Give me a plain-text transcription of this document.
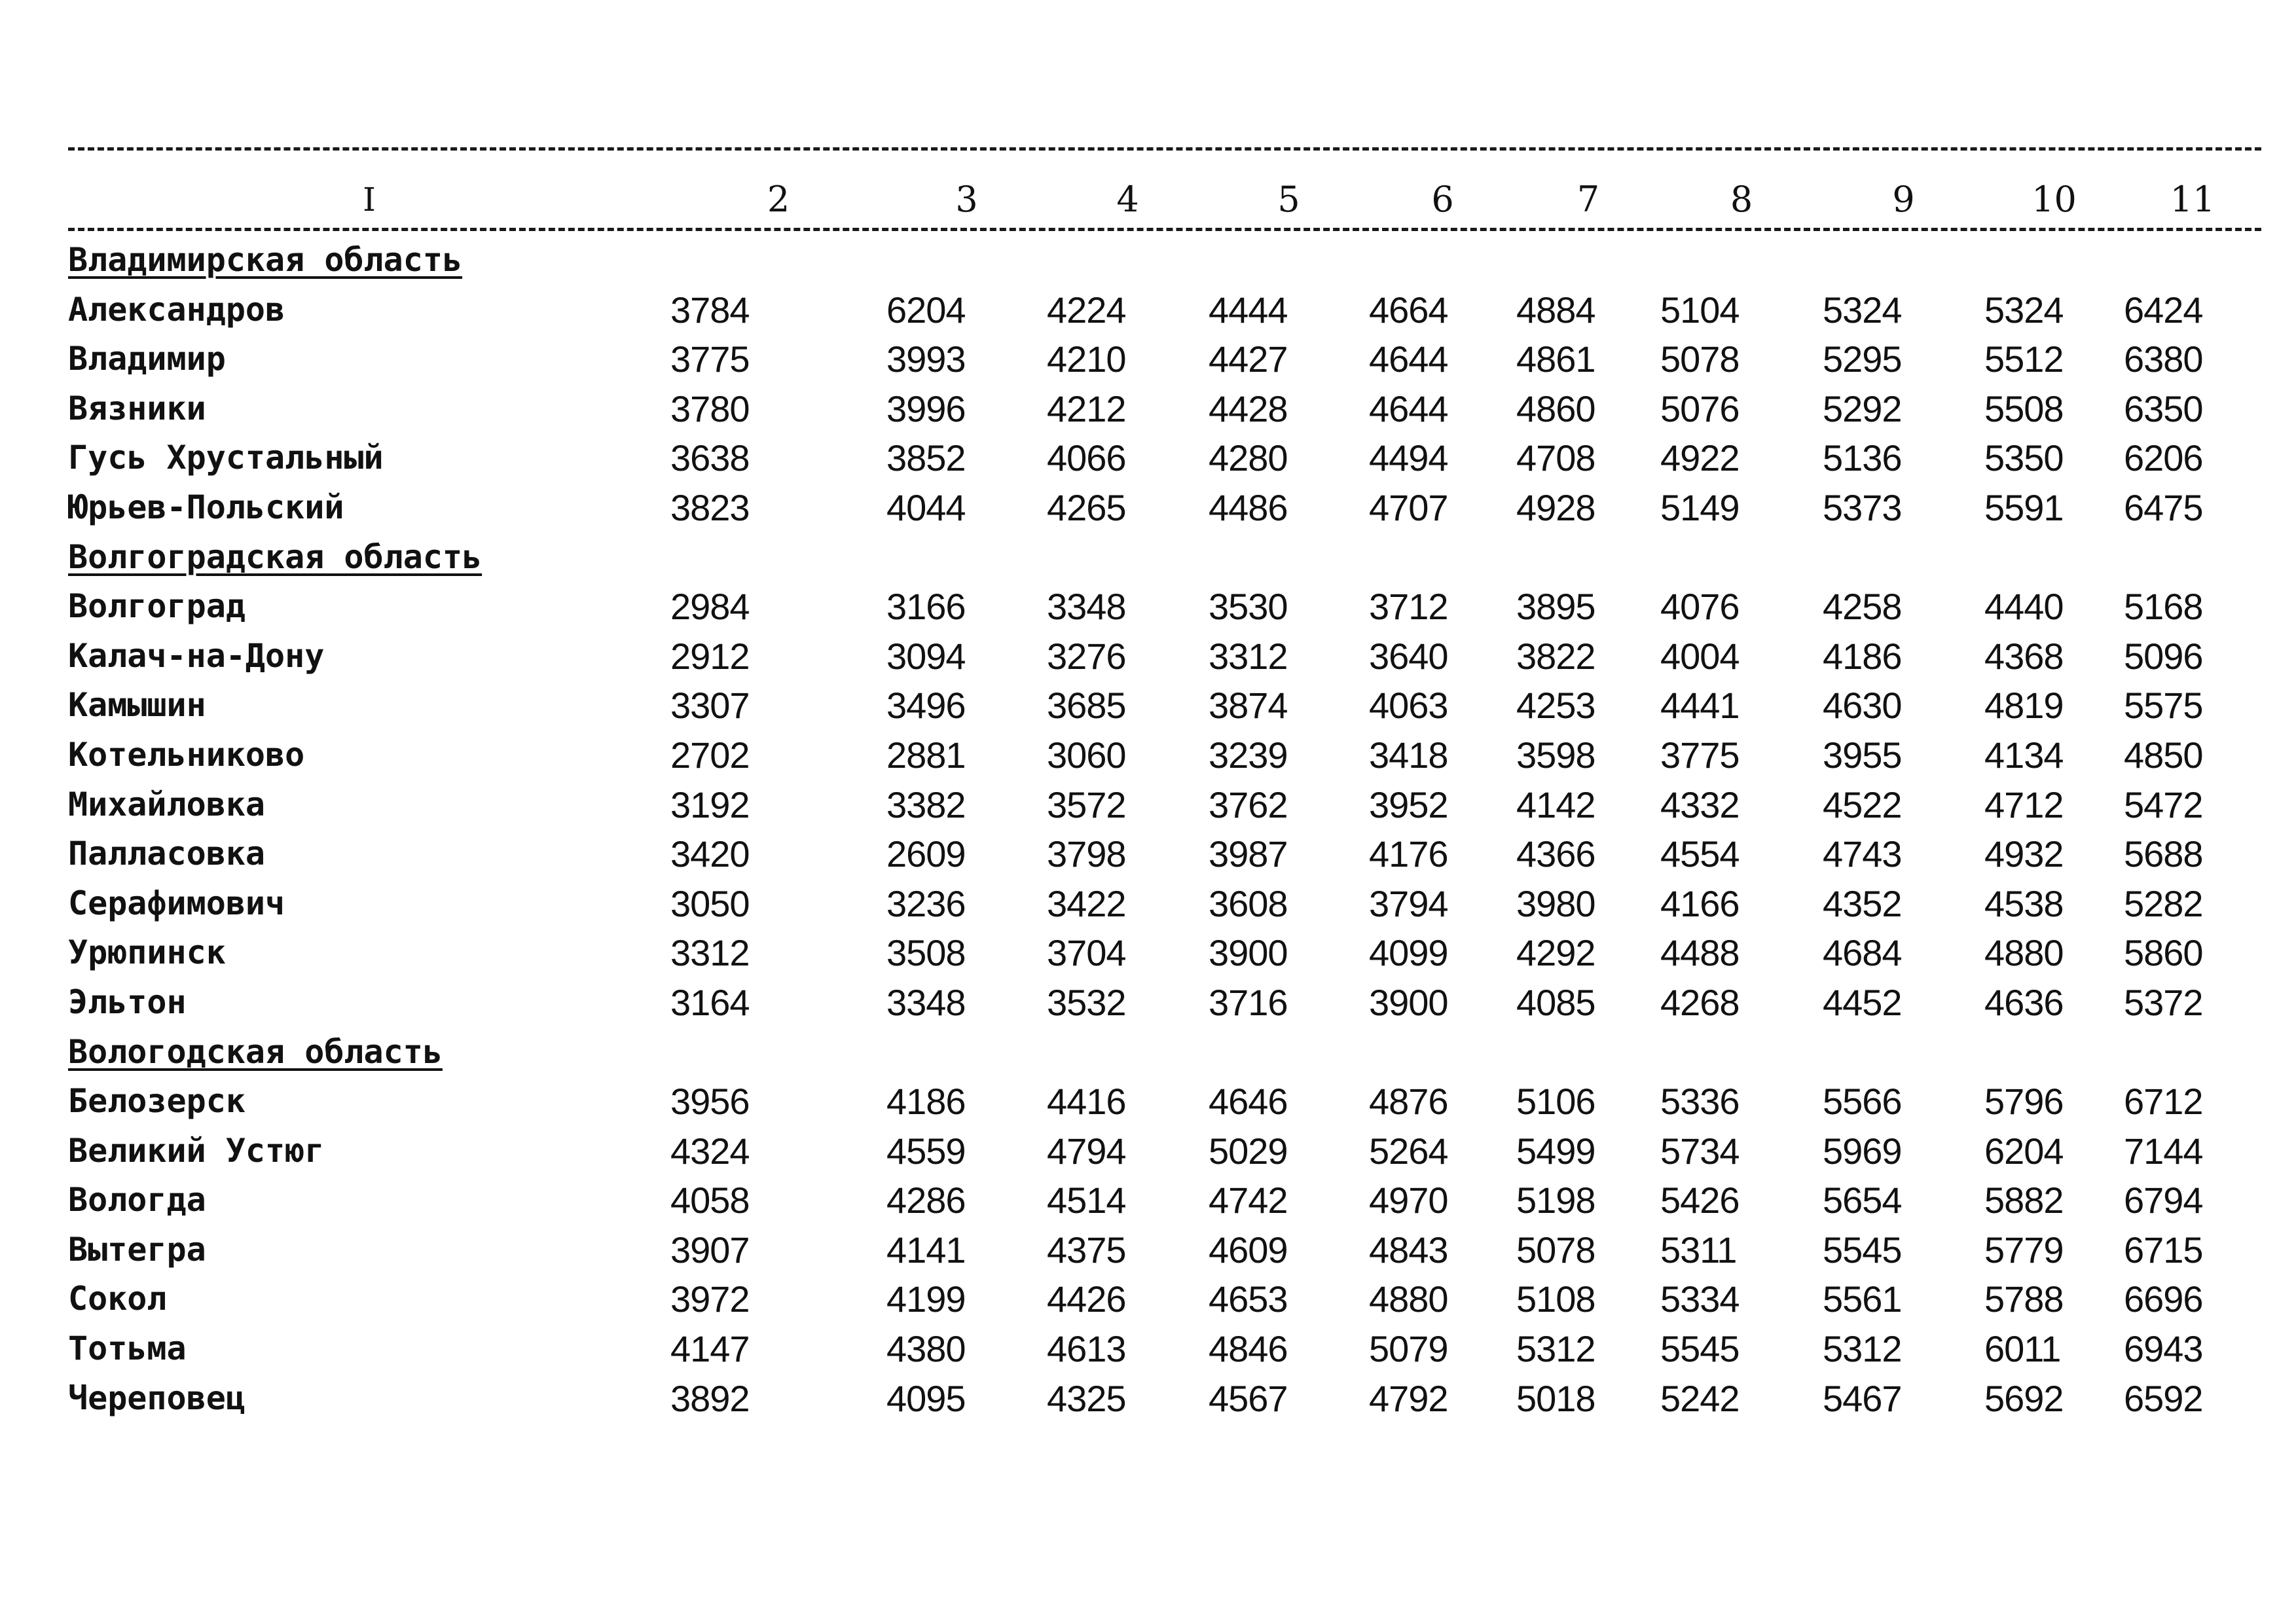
I	2	3	4	5	6	7	8	9	10	11

Владимирская область										
Александров	3784	6204	4224	4444	4664	4884	5104	5324	5324	6424
Владимир	3775	3993	4210	4427	4644	4861	5078	5295	5512	6380
Вязники	3780	3996	4212	4428	4644	4860	5076	5292	5508	6350
Гусь Хрустальный	3638	3852	4066	4280	4494	4708	4922	5136	5350	6206
Юрьев-Польский	3823	4044	4265	4486	4707	4928	5149	5373	5591	6475
Волгоградская область										
Волгоград	2984	3166	3348	3530	3712	3895	4076	4258	4440	5168
Калач-на-Дону	2912	3094	3276	3312	3640	3822	4004	4186	4368	5096
Камышин	3307	3496	3685	3874	4063	4253	4441	4630	4819	5575
Котельниково	2702	2881	3060	3239	3418	3598	3775	3955	4134	4850
Михайловка	3192	3382	3572	3762	3952	4142	4332	4522	4712	5472
Палласовка	3420	2609	3798	3987	4176	4366	4554	4743	4932	5688
Серафимович	3050	3236	3422	3608	3794	3980	4166	4352	4538	5282
Урюпинск	3312	3508	3704	3900	4099	4292	4488	4684	4880	5860
Эльтон	3164	3348	3532	3716	3900	4085	4268	4452	4636	5372
Вологодская область										
Белозерск	3956	4186	4416	4646	4876	5106	5336	5566	5796	6712
Великий Устюг	4324	4559	4794	5029	5264	5499	5734	5969	6204	7144
Вологда	4058	4286	4514	4742	4970	5198	5426	5654	5882	6794
Вытегра	3907	4141	4375	4609	4843	5078	5311	5545	5779	6715
Сокол	3972	4199	4426	4653	4880	5108	5334	5561	5788	6696
Тотьма	4147	4380	4613	4846	5079	5312	5545	5312	6011	6943
Череповец	3892	4095	4325	4567	4792	5018	5242	5467	5692	6592
